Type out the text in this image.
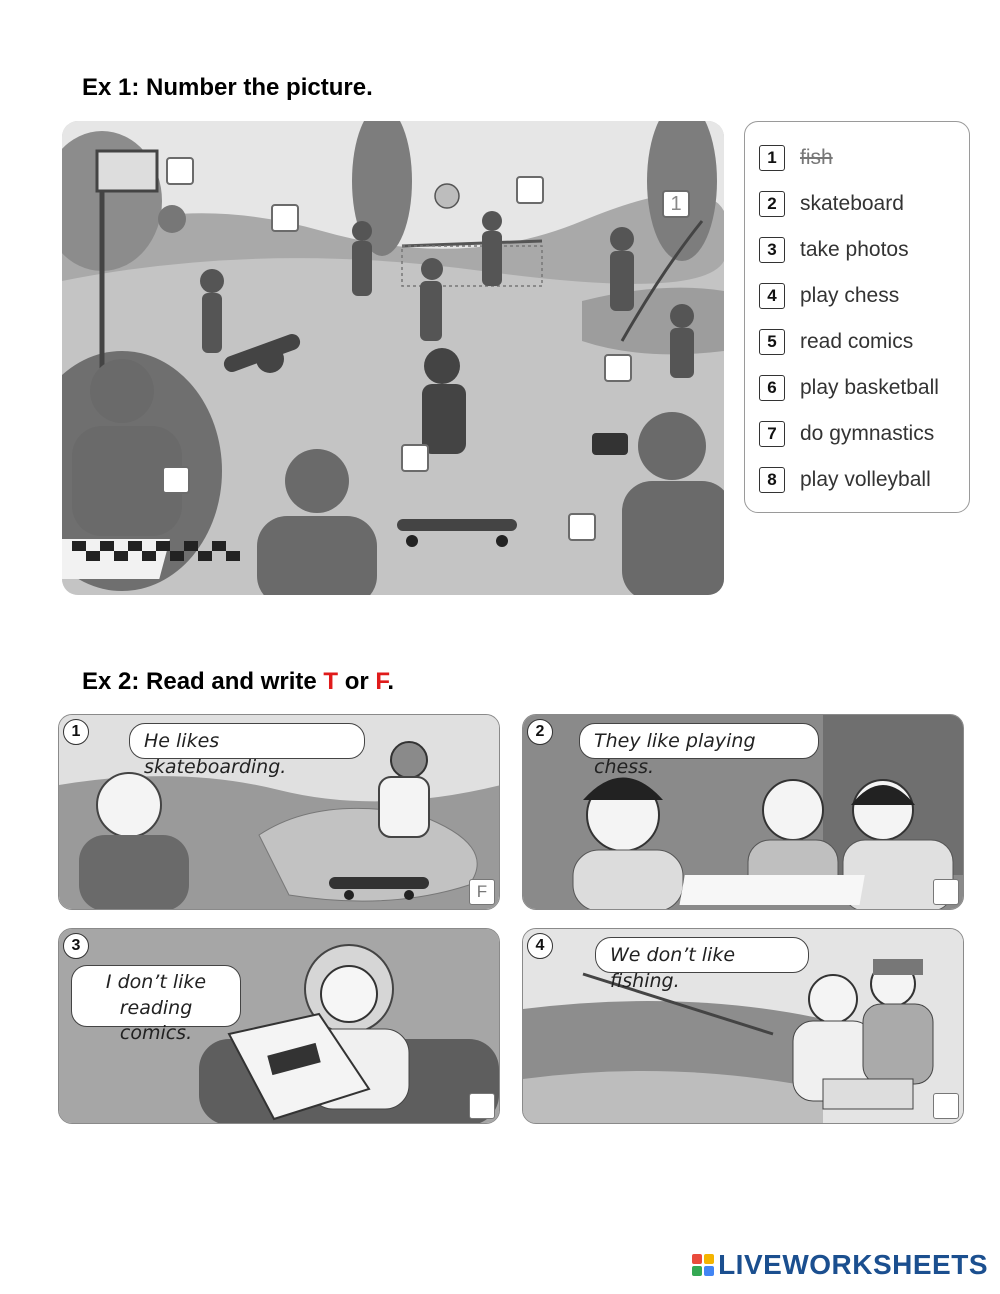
Ex 1: Number the picture.
1
1	fish
2	skateboard
3	take photos
4	play chess
5	read comics
6	play basketball
7	do gymnastics
8	play volleyball
Ex 2: Read and write T or F.
1	He likes skateboarding.
F
2	They like playing chess.
3
I don’t like
reading comics.
4	We don’t like fishing.
LIVEWORKSHEETS
